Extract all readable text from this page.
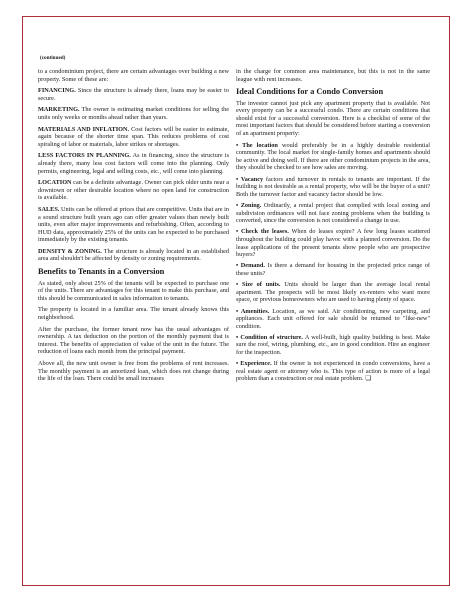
(continued)

to a condominium project, there are certain advantages over building a new property. Some of these are:

FINANCING. Since the structure is already there, loans may be easier to secure.

MARKETING. The owner is estimating market conditions for selling the units only weeks or months ahead rather than years.

MATERIALS AND INFLATION. Cost factors will be easier to estimate, again because of the shorter time span. This reduces problems of cost spiraling of labor or materials, labor strikes or shortages.

LESS FACTORS IN PLANNING. As in financing, since the structure is already there, many less cost factors will come into the planning. Only permits, engineering, legal and selling costs, etc., will come into planning.

LOCATION can be a definite advantage. Owner can pick older units near a downtown or other desirable location where no open land for construction is available.

SALES. Units can be offered at prices that are competitive. Units that are in a sound structure built years ago can offer greater values than newly built units, even after major improvements and refurbishing. Often, according to HUD data, approximately 25% of the units can be expected to be purchased immediately by the existing tenants.

DENSITY & ZONING. The structure is already located in an established area and shouldn't be affected by density or zoning requirements.

Benefits to Tenants in a Conversion

As stated, only about 25% of the tenants will be expected to purchase one of the units. There are advantages for this tenant to make this purchase, and this should be communicated in sales information to tenants.

The property is located in a familiar area. The tenant already knows this neighborhood.

After the purchase, the former tenant now has the usual advantages of ownership. A tax deduction on the portion of the monthly payment that is interest. The benefits of appreciation of value of the unit in the future. The reduction of loans each month from the principal payment.

Above all, the new unit owner is free from the problems of rent increases. The monthly payment is an amortized loan, which does not change during the life of the loan. There could be small increases

in the charge for common area maintenance, but this is not in the same league with rent increases.

Ideal Conditions for a Condo Conversion

The investor cannot just pick any apartment property that is available. Not every property can be a successful condo. There are certain conditions that should exist for a successful conversion. Here is a checklist of some of the most important factors that should be considered before starting a conversion of an apartment property:

• The location would preferably be in a highly desirable residential community. The local market for single-family homes and apartments should be active and doing well. If there are other condominium projects in the area, they should be checked to see how sales are moving.

• Vacancy factors and turnover in rentals to tenants are important. If the building is not desirable as a rental property, who will be the buyer of a unit? Both the turnover factor and vacancy factor should be low.

• Zoning. Ordinarily, a rental project that complied with local zoning and subdivision ordinances will not face zoning problems when the building is converted, since the conversion is not considered a change in use.

• Check the leases. When do leases expire? A few long leases scattered throughout the building could play havoc with a planned conversion. Do the lease applications of the present tenants show people who are prospective buyers?

• Demand. Is there a demand for housing in the projected price range of these units?

• Size of units. Units should be larger than the average local rental apartment. The prospects will be most likely ex-renters who want more space, or previous homeowners who are used to having plenty of space.

• Amenities. Location, as we said. Air conditioning, new carpeting, and appliances. Each unit offered for sale should be returned to "like-new" condition.

• Condition of structure. A well-built, high quality building is best. Make sure the roof, wiring, plumbing, etc., are in good condition. Hire an engineer for the inspection.

• Experience. If the owner is not experienced in condo conversions, have a real estate agent or attorney who is. This type of action is more of a legal problem than a construction or real estate problem. ❏
